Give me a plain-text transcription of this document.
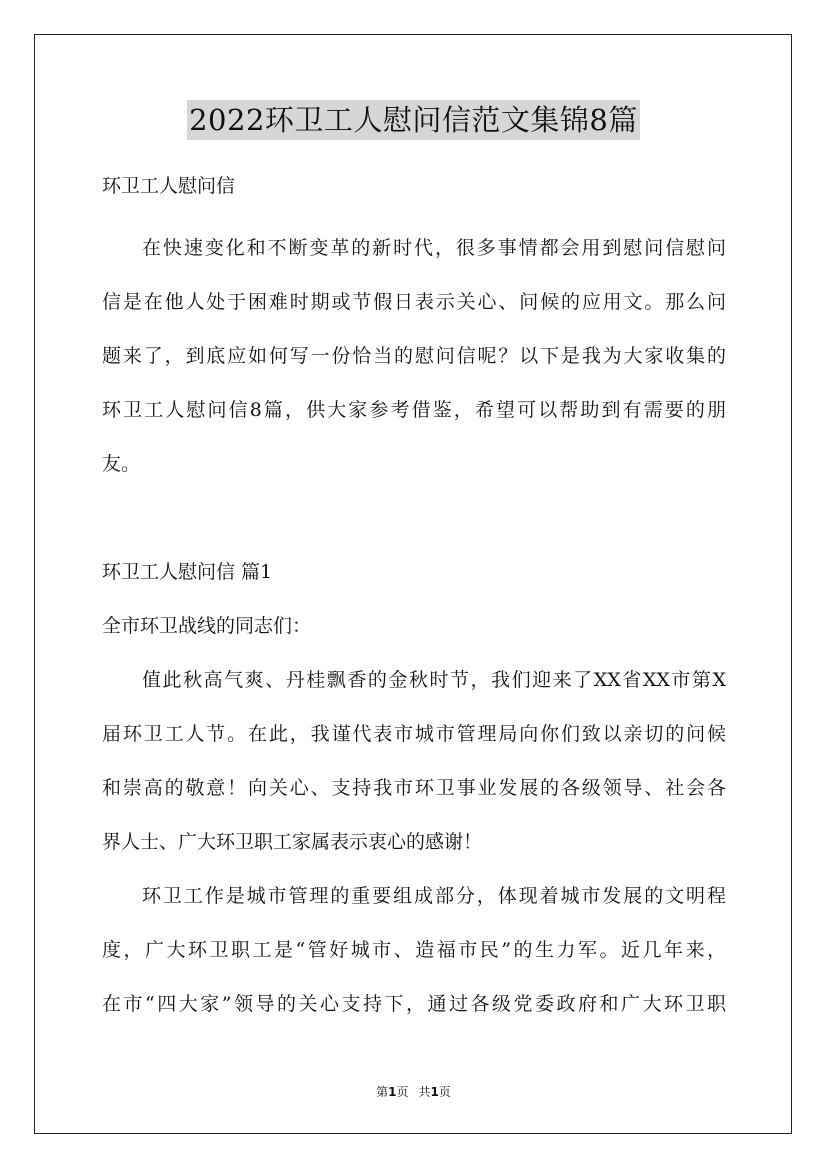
2022环卫工人慰问信范文集锦8篇
环卫工人慰问信
在快速变化和不断变革的新时代，很多事情都会用到慰问信慰问
信是在他人处于困难时期或节假日表示关心、问候的应用文。那么问
题来了，到底应如何写一份恰当的慰问信呢？以下是我为大家收集的
环卫工人慰问信8篇，供大家参考借鉴，希望可以帮助到有需要的朋
友。
环卫工人慰问信 篇1
全市环卫战线的同志们：
值此秋高气爽、丹桂飘香的金秋时节，我们迎来了XX省XX市第X
届环卫工人节。在此，我谨代表市城市管理局向你们致以亲切的问候
和崇高的敬意！向关心、支持我市环卫事业发展的各级领导、社会各
界人士、广大环卫职工家属表示衷心的感谢！
环卫工作是城市管理的重要组成部分，体现着城市发展的文明程
度，广大环卫职工是“管好城市、造福市民”的生力军。近几年来，
在市“四大家”领导的关心支持下，通过各级党委政府和广大环卫职
第1页 共1页
